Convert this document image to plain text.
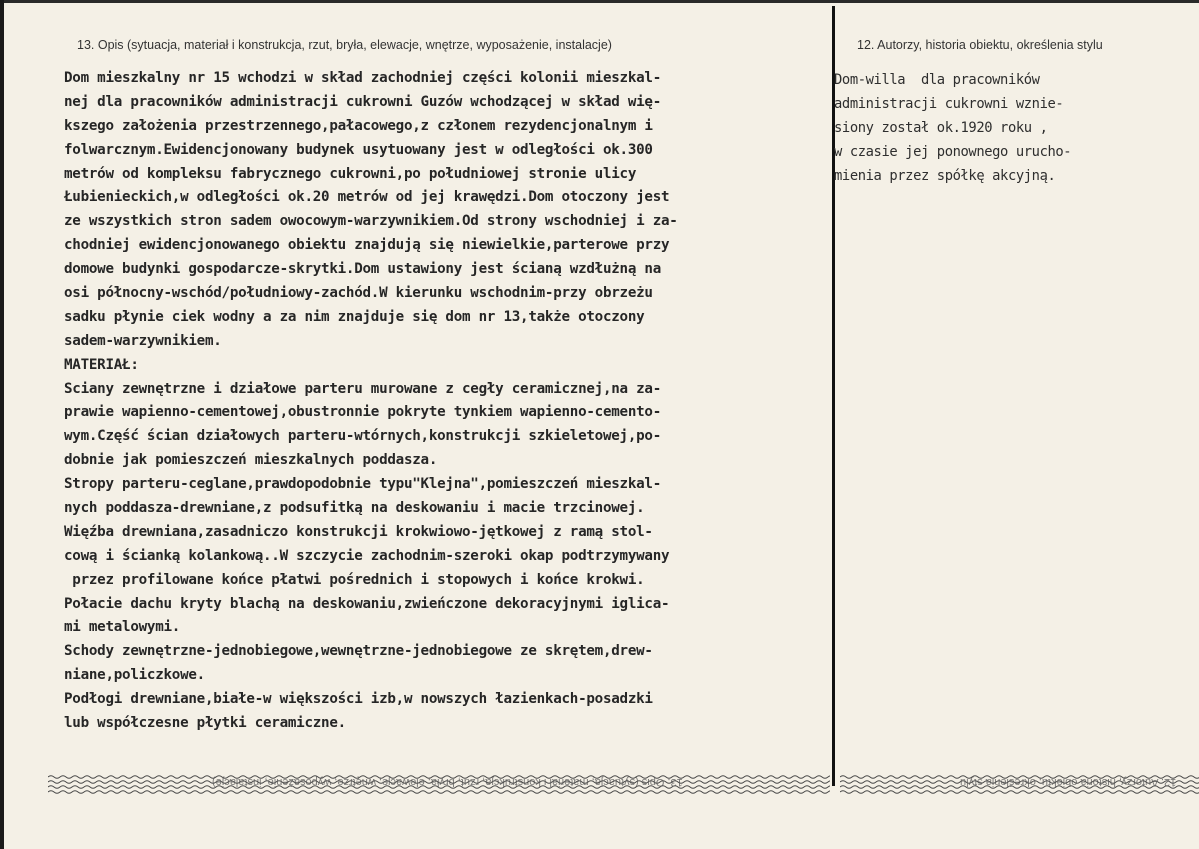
13. Opis (sytuacja, materiał i konstrukcja, rzut, bryła, elewacje, wnętrze, wyposażenie, instalacje)	12. Autorzy, historia obiektu, określenia stylu
Dom mieszkalny nr 15 wchodzi w skład zachodniej części kolonii mieszkal-
nej dla pracowników administracji cukrowni Guzów wchodzącej w skład wię-
kszego założenia przestrzennego,pałacowego,z członem rezydencjonalnym i
folwarcznym.Ewidencjonowany budynek usytuowany jest w odległości ok.300
metrów od kompleksu fabrycznego cukrowni,po południowej stronie ulicy
Łubienieckich,w odległości ok.20 metrów od jej krawędzi.Dom otoczony jest
ze wszystkich stron sadem owocowym-warzywnikiem.Od strony wschodniej i za-
chodniej ewidencjonowanego obiektu znajdują się niewielkie,parterowe przy
domowe budynki gospodarcze-skrytki.Dom ustawiony jest ścianą wzdłużną na
osi północny-wschód/południowy-zachód.W kierunku wschodnim-przy obrzeżu
sadku płynie ciek wodny a za nim znajduje się dom nr 13,także otoczony
sadem-warzywnikiem.
MATERIAŁ:
Sciany zewnętrzne i działowe parteru murowane z cegły ceramicznej,na za-
prawie wapienno-cementowej,obustronnie pokryte tynkiem wapienno-cemento-
wym.Część ścian działowych parteru-wtórnych,konstrukcji szkieletowej,po-
dobnie jak pomieszczeń mieszkalnych poddasza.
Stropy parteru-ceglane,prawdopodobnie typu"Klejna",pomieszczeń mieszkal-
nych poddasza-drewniane,z podsufitką na deskowaniu i macie trzcinowej.
Więźba drewniana,zasadniczo konstrukcji krokwiowo-jętkowej z ramą stol-
cową i ścianką kolankową..W szczycie zachodnim-szeroki okap podtrzymywany
przez profilowane końce płatwi pośrednich i stopowych i końce krokwi.
Połacie dachu kryty blachą na deskowaniu,zwieńczone dekoracyjnymi iglica-
mi metalowymi.
Schody zewnętrzne-jednobiegowe,wewnętrzne-jednobiegowe ze skrętem,drew-
niane,policzkowe.
Podłogi drewniane,białe-w większości izb,w nowszych łazienkach-posadzki
lub współczesne płytki ceramiczne.
Dom-willa  dla pracowników
administracji cukrowni wznie-
siony został ok.1920 roku ,
w czasie jej ponownego urucho-
mienia przez spółkę akcyjną.
13. Opis (sytuacja, materiał i konstrukcja, rzut, bryła, elewacje, wnętrze, wyposażenie, instalacje)	12. Autorzy, historia obiektu, określenia stylu
